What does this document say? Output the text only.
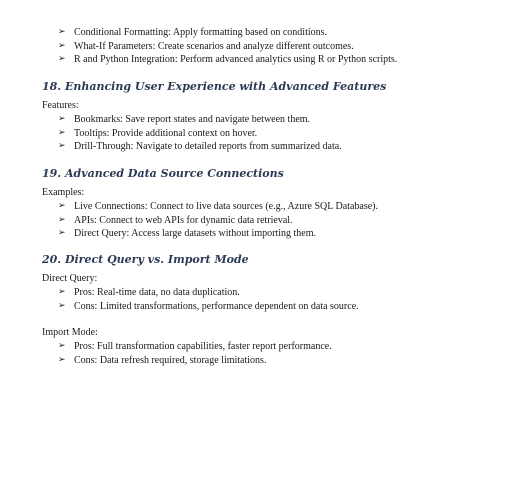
➢ Conditional Formatting: Apply formatting based on conditions.
➢ What-If Parameters: Create scenarios and analyze different outcomes.
➢ R and Python Integration: Perform advanced analytics using R or Python scripts.
18. Enhancing User Experience with Advanced Features
Features:
➢ Bookmarks: Save report states and navigate between them.
➢ Tooltips: Provide additional context on hover.
➢ Drill-Through: Navigate to detailed reports from summarized data.
19. Advanced Data Source Connections
Examples:
➢ Live Connections: Connect to live data sources (e.g., Azure SQL Database).
➢ APIs: Connect to web APIs for dynamic data retrieval.
➢ Direct Query: Access large datasets without importing them.
20. Direct Query vs. Import Mode
Direct Query:
➢ Pros: Real-time data, no data duplication.
➢ Cons: Limited transformations, performance dependent on data source.
Import Mode:
➢ Pros: Full transformation capabilities, faster report performance.
➢ Cons: Data refresh required, storage limitations.
